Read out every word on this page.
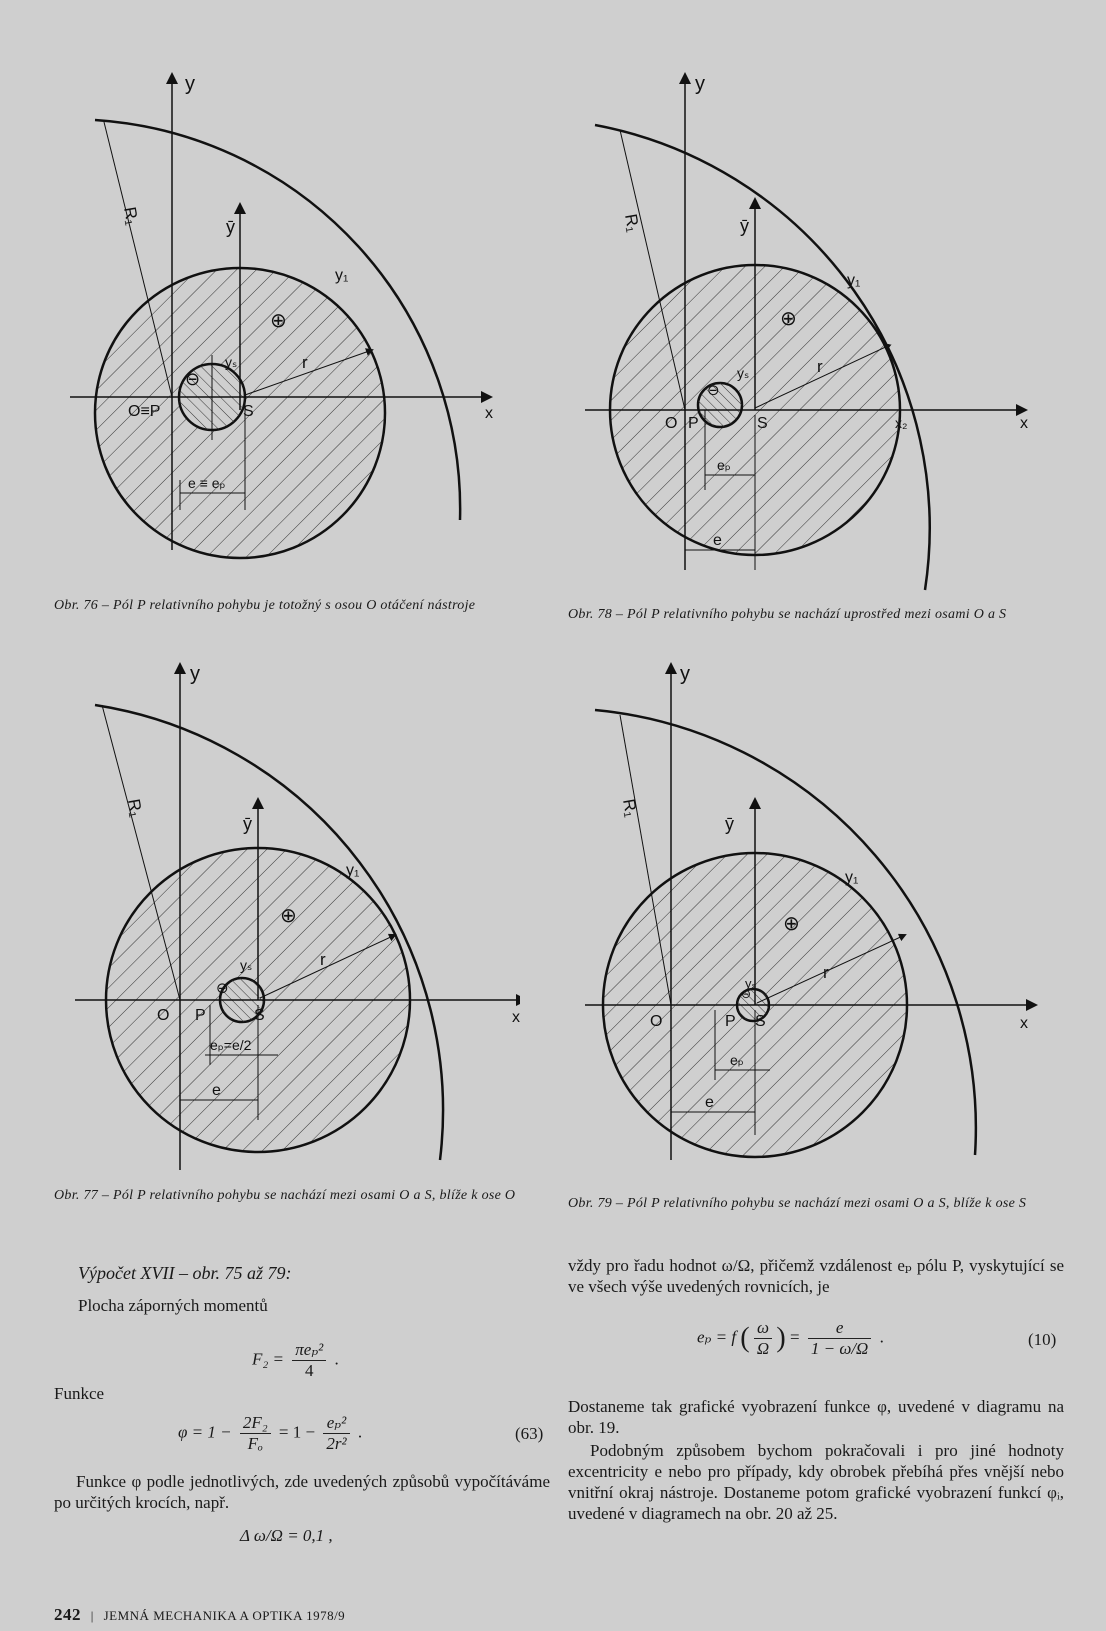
y
ȳ
x
R₁
y₁
yₛ	r
⊕
⊖
O≡P	S
e ≡ eₚ
Obr. 76 – Pól P relativního pohybu je totožný s osou O otáčení nástroje
y
ȳ
x
R₁
y₁
yₛ	r
⊕
⊖
O P	S	x₂
eₚ
e
Obr. 78 – Pól P relativního pohybu se nachází uprostřed mezi osami O a S
y
ȳ
x
R₁
y₁
yₛ	r
⊕
⊖
O P	S
eₚ=e/2
e
Obr. 77 – Pól P relativního pohybu se nachází mezi osami O a S, blíže k ose O
y
ȳ
x
R₁
y₁
yₛ
r
⊕
⊖
O	P S
eₚ
e
Obr. 79 – Pól P relativního pohybu se nachází mezi osami O a S, blíže k ose S
Výpočet XVII – obr. 75 až 79:
Plocha záporných momentů
$F_2 = \frac{\text{πeₚ²}}{4}$ .
Funkce
$\varphi = 1 - \frac{\text{2F₂}}{\text{Fₒ}} = 1 - \frac{\text{eₚ²}}{\text{2r²}}$ .	(63)

Funkce φ podle jednotlivých, zde uvedených způsobů vypočítáváme po určitých krocích, např.

Δ ω/Ω = 0,1 ,

vždy pro řadu hodnot ω/Ω, přičemž vzdálenost eₚ pólu P, vyskytující se ve všech výše uvedených rovnicích, je

eₚ = f ( $\frac{\omega}{\Omega}$ ) = $\frac{e}{1 - \omega/\Omega}$ .	(10)

Dostaneme tak grafické vyobrazení funkce φ, uvedené v diagramu na obr. 19.

Podobným způsobem bychom pokračovali i pro jiné hodnoty excentricity e nebo pro případy, kdy obrobek přebíhá přes vnější nebo vnitřní okraj nástroje. Dostaneme potom grafické vyobrazení funkcí φᵢ, uvedené v diagramech na obr. 20 až 25.

242 | JEMNÁ MECHANIKA A OPTIKA 1978/9
